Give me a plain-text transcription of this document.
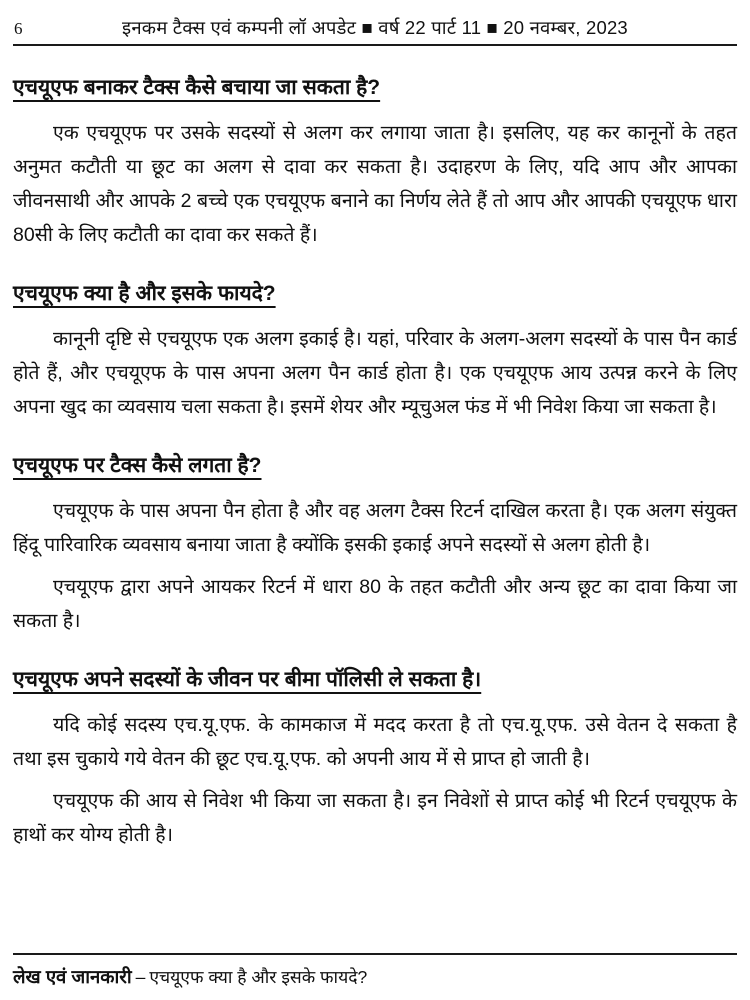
6	इनकम टैक्स एवं कम्पनी लॉ अपडेट ■ वर्ष 22 पार्ट 11 ■ 20 नवम्बर, 2023
एचयूएफ बनाकर टैक्स कैसे बचाया जा सकता है?

एक एचयूएफ पर उसके सदस्यों से अलग कर लगाया जाता है। इसलिए, यह कर कानूनों के तहत अनुमत कटौती या छूट का अलग से दावा कर सकता है। उदाहरण के लिए, यदि आप और आपका जीवनसाथी और आपके 2 बच्चे एक एचयूएफ बनाने का निर्णय लेते हैं तो आप और आपकी एचयूएफ धारा 80सी के लिए कटौती का दावा कर सकते हैं।

एचयूएफ क्या है और इसके फायदे?

कानूनी दृष्टि से एचयूएफ एक अलग इकाई है। यहां, परिवार के अलग-अलग सदस्यों के पास पैन कार्ड होते हैं, और एचयूएफ के पास अपना अलग पैन कार्ड होता है। एक एचयूएफ आय उत्पन्न करने के लिए अपना खुद का व्यवसाय चला सकता है। इसमें शेयर और म्यूचुअल फंड में भी निवेश किया जा सकता है।

एचयूएफ पर टैक्स कैसे लगता है?

एचयूएफ के पास अपना पैन होता है और वह अलग टैक्स रिटर्न दाखिल करता है। एक अलग संयुक्त हिंदू पारिवारिक व्यवसाय बनाया जाता है क्योंकि इसकी इकाई अपने सदस्यों से अलग होती है।

एचयूएफ द्वारा अपने आयकर रिटर्न में धारा 80 के तहत कटौती और अन्य छूट का दावा किया जा सकता है।

एचयूएफ अपने सदस्यों के जीवन पर बीमा पॉलिसी ले सकता है।

यदि कोई सदस्य एच.यू.एफ. के कामकाज में मदद करता है तो एच.यू.एफ. उसे वेतन दे सकता है तथा इस चुकाये गये वेतन की छूट एच.यू.एफ. को अपनी आय में से प्राप्त हो जाती है।

एचयूएफ की आय से निवेश भी किया जा सकता है। इन निवेशों से प्राप्त कोई भी रिटर्न एचयूएफ के हाथों कर योग्य होती है।

लेख एवं जानकारी – एचयूएफ क्या है और इसके फायदे?
